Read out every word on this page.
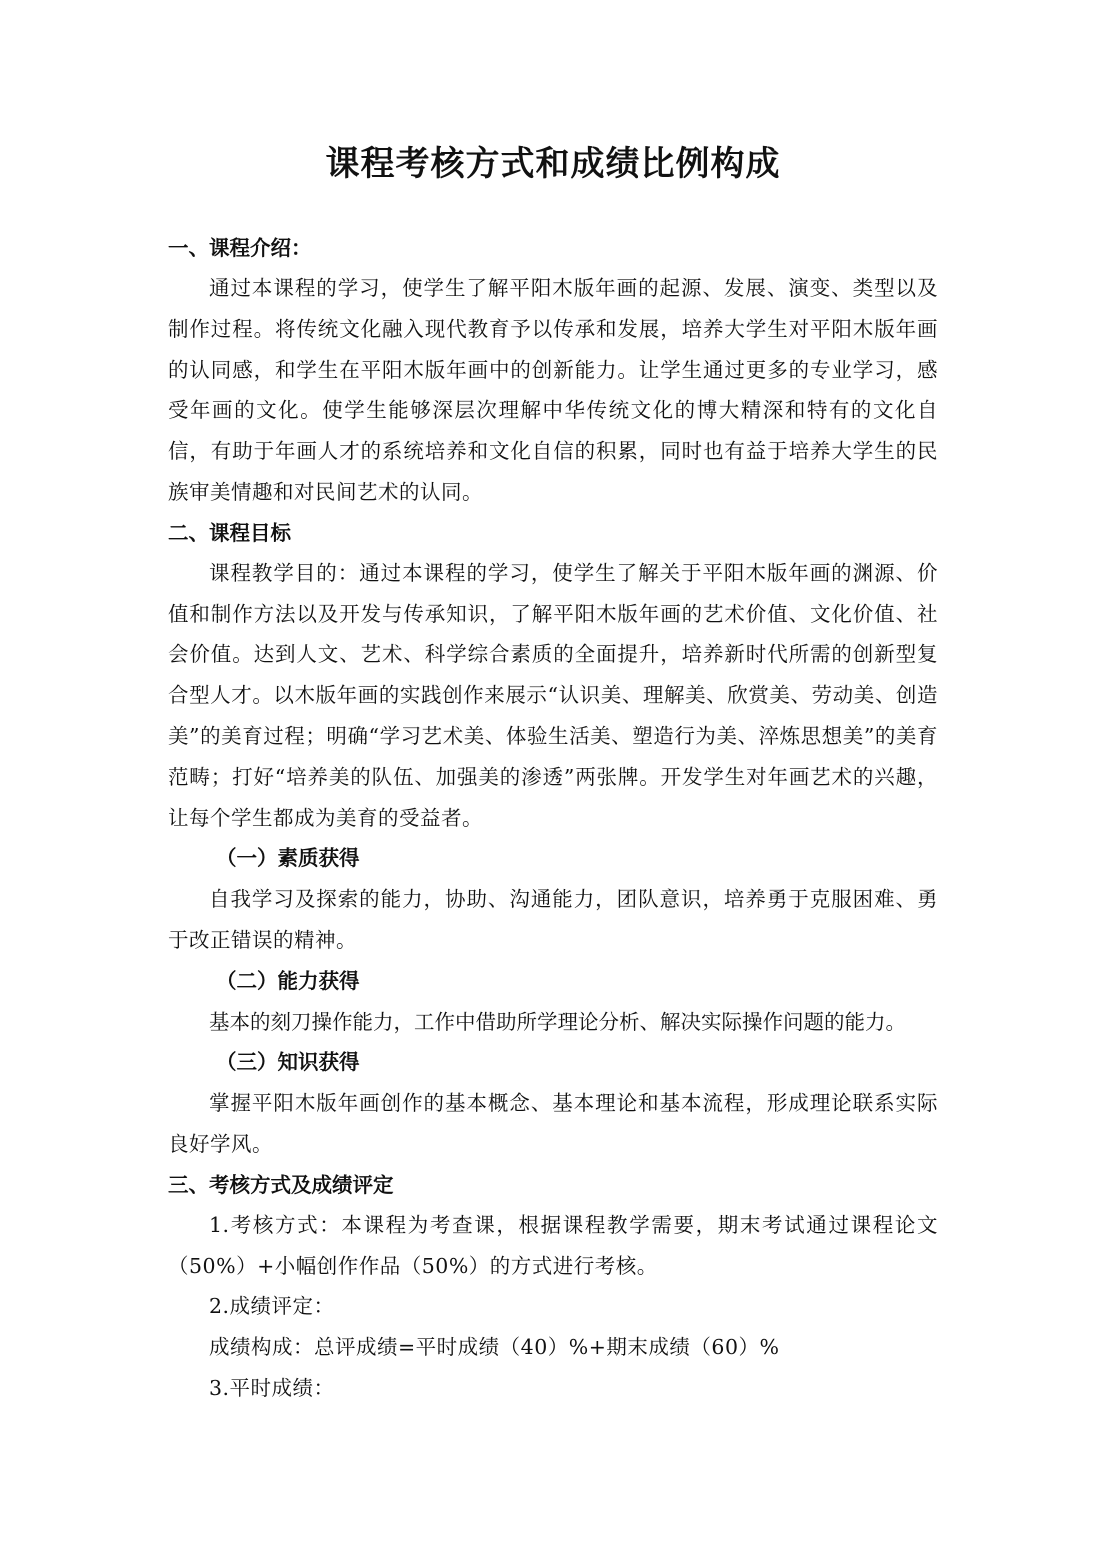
课程考核方式和成绩比例构成
一、课程介绍：

通过本课程的学习，使学生了解平阳木版年画的起源、发展、演变、类型以及制作过程。将传统文化融入现代教育予以传承和发展，培养大学生对平阳木版年画的认同感，和学生在平阳木版年画中的创新能力。让学生通过更多的专业学习，感受年画的文化。使学生能够深层次理解中华传统文化的博大精深和特有的文化自信，有助于年画人才的系统培养和文化自信的积累，同时也有益于培养大学生的民族审美情趣和对民间艺术的认同。

二、课程目标

课程教学目的：通过本课程的学习，使学生了解关于平阳木版年画的渊源、价值和制作方法以及开发与传承知识，了解平阳木版年画的艺术价值、文化价值、社会价值。达到人文、艺术、科学综合素质的全面提升，培养新时代所需的创新型复合型人才。以木版年画的实践创作来展示“认识美、理解美、欣赏美、劳动美、创造美”的美育过程；明确“学习艺术美、体验生活美、塑造行为美、淬炼思想美”的美育范畴；打好“培养美的队伍、加强美的渗透”两张牌。开发学生对年画艺术的兴趣，让每个学生都成为美育的受益者。

（一）素质获得

自我学习及探索的能力，协助、沟通能力，团队意识，培养勇于克服困难、勇于改正错误的精神。

（二）能力获得

基本的刻刀操作能力，工作中借助所学理论分析、解决实际操作问题的能力。

（三）知识获得

掌握平阳木版年画创作的基本概念、基本理论和基本流程，形成理论联系实际良好学风。

三、考核方式及成绩评定

1.考核方式：本课程为考查课，根据课程教学需要，期末考试通过课程论文（50%）+小幅创作作品（50%）的方式进行考核。

2.成绩评定：

成绩构成：总评成绩=平时成绩（40）%+期末成绩（60）%

3.平时成绩：
